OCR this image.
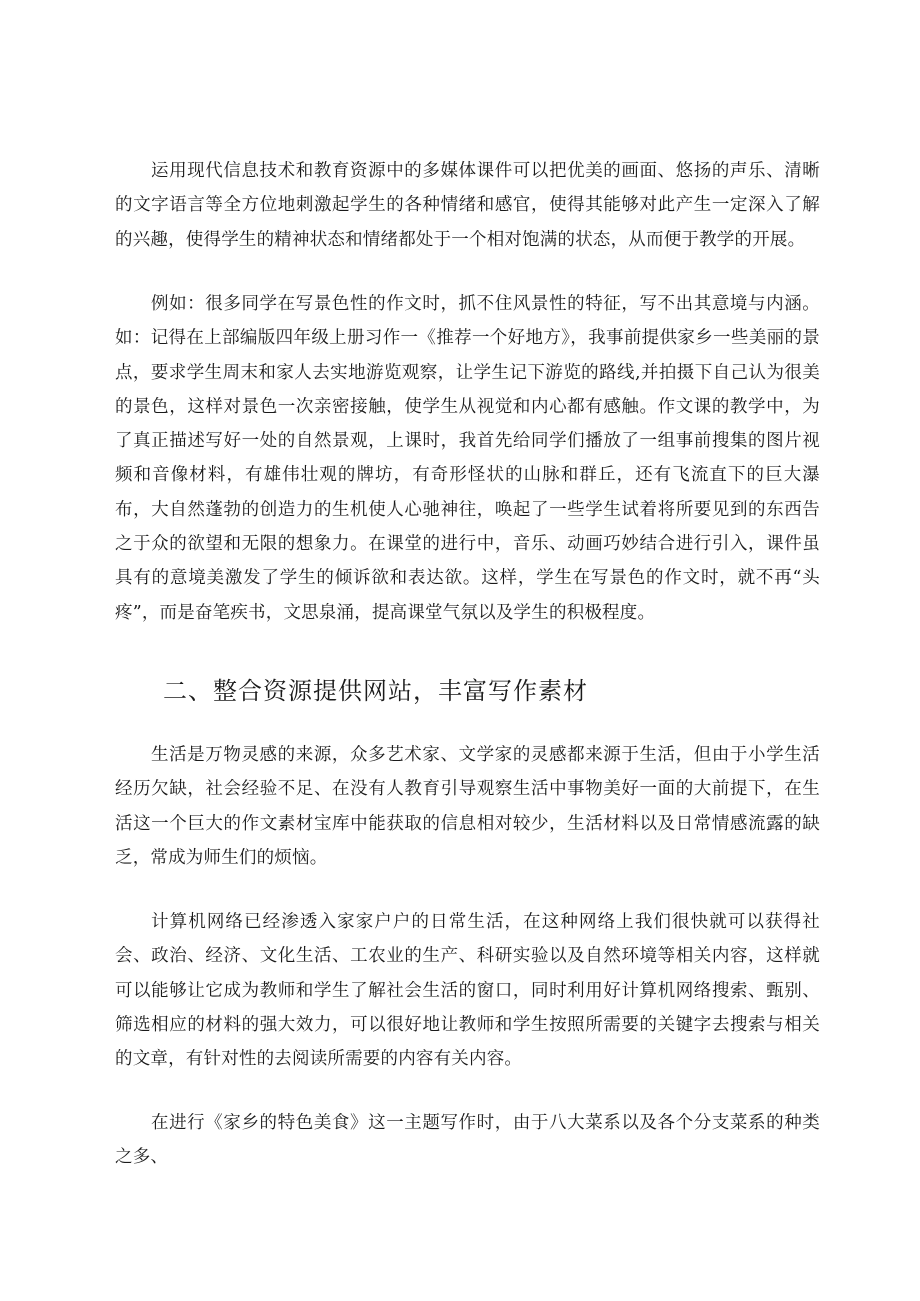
运用现代信息技术和教育资源中的多媒体课件可以把优美的画面、悠扬的声乐、清晰的文字语言等全方位地刺激起学生的各种情绪和感官，使得其能够对此产生一定深入了解的兴趣，使得学生的精神状态和情绪都处于一个相对饱满的状态，从而便于教学的开展。

例如：很多同学在写景色性的作文时，抓不住风景性的特征，写不出其意境与内涵。如：记得在上部编版四年级上册习作一《推荐一个好地方》，我事前提供家乡一些美丽的景点，要求学生周末和家人去实地游览观察，让学生记下游览的路线,并拍摄下自己认为很美的景色，这样对景色一次亲密接触，使学生从视觉和内心都有感触。作文课的教学中，为了真正描述写好一处的自然景观，上课时，我首先给同学们播放了一组事前搜集的图片视频和音像材料，有雄伟壮观的牌坊，有奇形怪状的山脉和群丘，还有飞流直下的巨大瀑布，大自然蓬勃的创造力的生机使人心驰神往，唤起了一些学生试着将所要见到的东西告之于众的欲望和无限的想象力。在课堂的进行中，音乐、动画巧妙结合进行引入，课件虽具有的意境美激发了学生的倾诉欲和表达欲。这样，学生在写景色的作文时，就不再“头疼”，而是奋笔疾书，文思泉涌，提高课堂气氛以及学生的积极程度。

二、整合资源提供网站，丰富写作素材

生活是万物灵感的来源，众多艺术家、文学家的灵感都来源于生活，但由于小学生活经历欠缺，社会经验不足、在没有人教育引导观察生活中事物美好一面的大前提下，在生活这一个巨大的作文素材宝库中能获取的信息相对较少，生活材料以及日常情感流露的缺乏，常成为师生们的烦恼。

计算机网络已经渗透入家家户户的日常生活，在这种网络上我们很快就可以获得社会、政治、经济、文化生活、工农业的生产、科研实验以及自然环境等相关内容，这样就可以能够让它成为教师和学生了解社会生活的窗口，同时利用好计算机网络搜索、甄别、筛选相应的材料的强大效力，可以很好地让教师和学生按照所需要的关键字去搜索与相关的文章，有针对性的去阅读所需要的内容有关内容。

在进行《家乡的特色美食》这一主题写作时，由于八大菜系以及各个分支菜系的种类之多、
